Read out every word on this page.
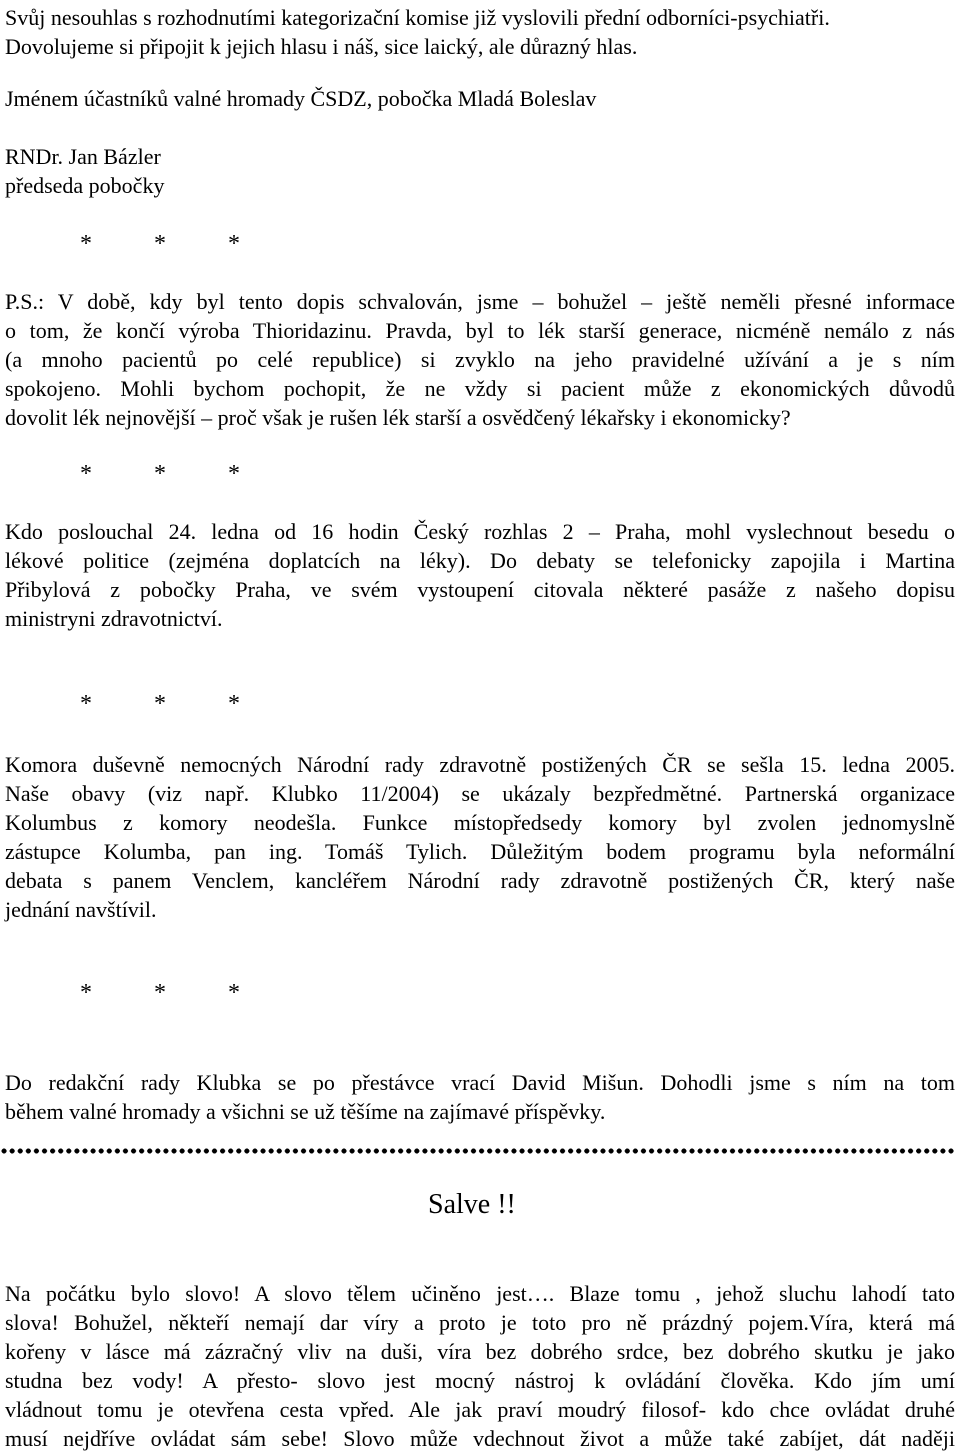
Svůj nesouhlas s rozhodnutími kategorizační komise již vyslovili přední odborníci-psychiatři.
Dovolujeme si připojit k jejich hlasu i náš, sice laický, ale důrazný hlas.
Jménem účastníků valné hromady ČSDZ, pobočka Mladá Boleslav
RNDr. Jan Bázler
předseda pobočky
*	*	*
P.S.: V době, kdy byl tento dopis schvalován, jsme – bohužel – ještě neměli přesné informace
o tom, že končí výroba Thioridazinu. Pravda, byl to lék starší generace, nicméně nemálo z nás
(a mnoho pacientů po celé republice) si zvyklo na jeho pravidelné užívání a je s ním
spokojeno. Mohli bychom pochopit, že ne vždy si pacient může z ekonomických důvodů
dovolit lék nejnovější – proč však je rušen lék starší a osvědčený lékařsky i ekonomicky?
*	*	*
Kdo poslouchal 24. ledna od 16 hodin Český rozhlas 2 – Praha, mohl vyslechnout besedu o
lékové politice (zejména doplatcích na léky). Do debaty se telefonicky zapojila i Martina
Přibylová z pobočky Praha, ve svém vystoupení citovala některé pasáže z našeho dopisu
ministryni zdravotnictví.
*	*	*
Komora duševně nemocných Národní rady zdravotně postižených ČR se sešla 15. ledna 2005.
Naše obavy (viz např. Klubko 11/2004) se ukázaly bezpředmětné. Partnerská organizace
Kolumbus z komory neodešla. Funkce místopředsedy komory byl zvolen jednomyslně
zástupce Kolumba, pan ing. Tomáš Tylich. Důležitým bodem programu byla neformální
debata s panem Venclem, kancléřem Národní rady zdravotně postižených ČR, který naše
jednání navštívil.
*	*	*
Do redakční rady Klubka se po přestávce vrací David Mišun. Dohodli jsme s ním na tom
během valné hromady a všichni se už těšíme na zajímavé příspěvky.
Salve !!
Na počátku bylo slovo! A slovo tělem učiněno jest…. Blaze tomu , jehož sluchu lahodí tato
slova! Bohužel, někteří nemají dar víry a proto je toto pro ně prázdný pojem.Víra, která má
kořeny v lásce má zázračný vliv na duši, víra bez dobrého srdce, bez dobrého skutku je jako
studna bez vody! A přesto- slovo jest mocný nástroj k ovládání člověka. Kdo jím umí
vládnout tomu je otevřena cesta vpřed. Ale jak praví moudrý filosof- kdo chce ovládat druhé
musí nejdříve ovládat sám sebe! Slovo může vdechnout život a může také zabíjet, dát naději
